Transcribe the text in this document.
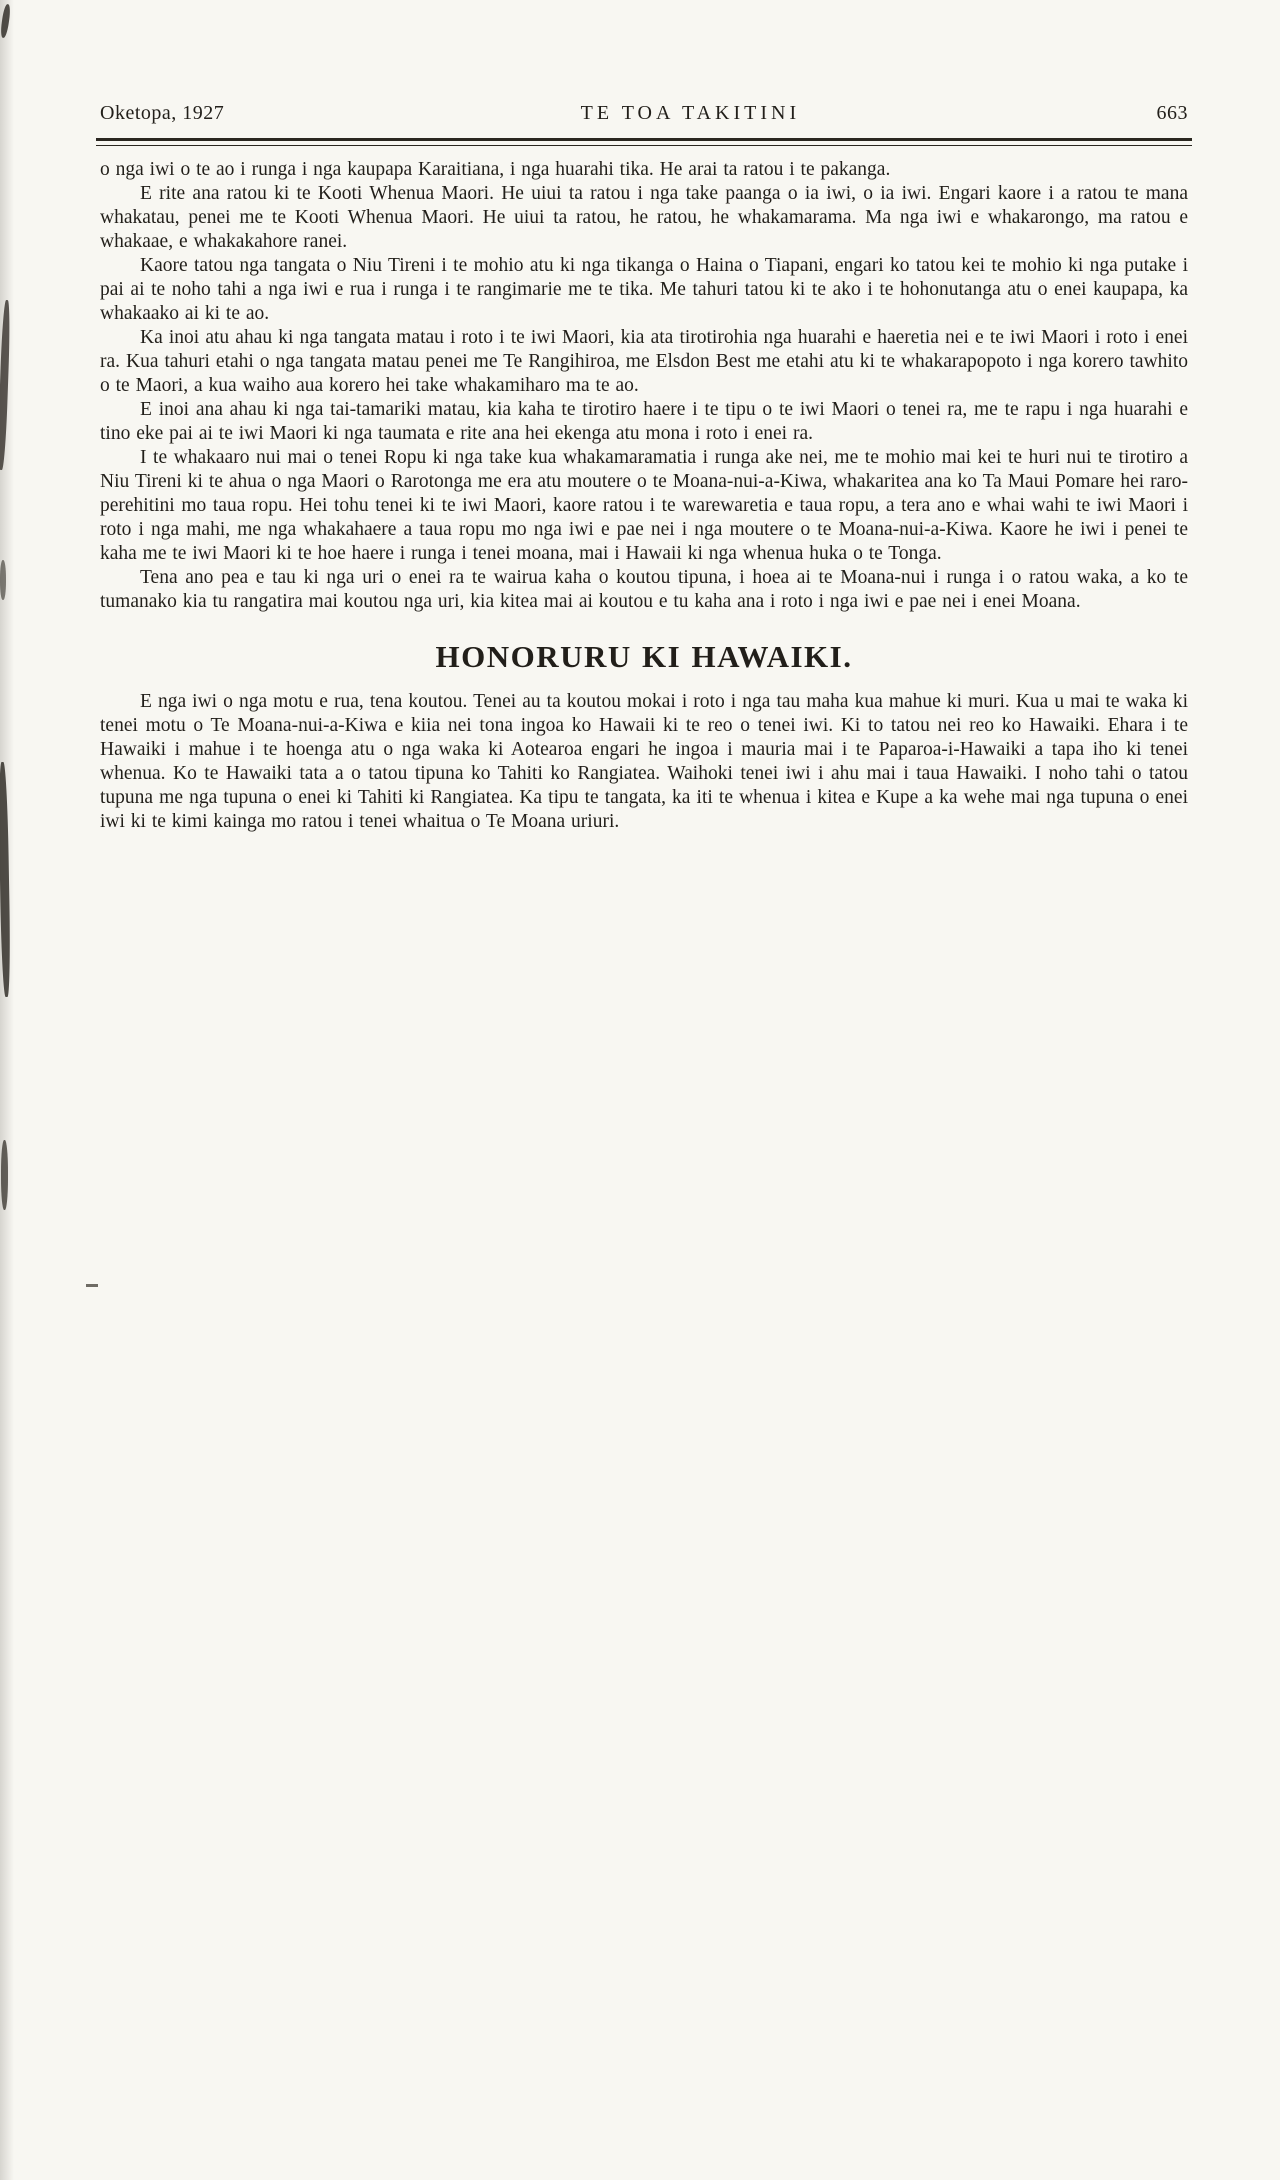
Oketopa, 1927	TE TOA TAKITINI	663

o nga iwi o te ao i runga i nga kaupapa Karaitiana, i nga huarahi tika. He arai ta ratou i te pakanga.

E rite ana ratou ki te Kooti Whenua Maori. He uiui ta ratou i nga take paanga o ia iwi, o ia iwi. Engari kaore i a ratou te mana whakatau, penei me te Kooti Whenua Maori. He uiui ta ratou, he ratou, he whakamarama. Ma nga iwi e whakarongo, ma ratou e whakaae, e whakakahore ranei.

Kaore tatou nga tangata o Niu Tireni i te mohio atu ki nga tikanga o Haina o Tiapani, engari ko tatou kei te mohio ki nga putake i pai ai te noho tahi a nga iwi e rua i runga i te rangimarie me te tika. Me tahuri tatou ki te ako i te hohonutanga atu o enei kaupapa, ka whakaako ai ki te ao.

Ka inoi atu ahau ki nga tangata matau i roto i te iwi Maori, kia ata tirotirohia nga huarahi e haeretia nei e te iwi Maori i roto i enei ra. Kua tahuri etahi o nga tangata matau penei me Te Rangihiroa, me Elsdon Best me etahi atu ki te whakarapopoto i nga korero tawhito o te Maori, a kua waiho aua korero hei take whakamiharo ma te ao.

E inoi ana ahau ki nga tai-tamariki matau, kia kaha te tirotiro haere i te tipu o te iwi Maori o tenei ra, me te rapu i nga huarahi e tino eke pai ai te iwi Maori ki nga taumata e rite ana hei ekenga atu mona i roto i enei ra.

I te whakaaro nui mai o tenei Ropu ki nga take kua whakamaramatia i runga ake nei, me te mohio mai kei te huri nui te tirotiro a Niu Tireni ki te ahua o nga Maori o Rarotonga me era atu moutere o te Moana-nui-a-Kiwa, whakaritea ana ko Ta Maui Pomare hei raro-perehitini mo taua ropu. Hei tohu tenei ki te iwi Maori, kaore ratou i te warewaretia e taua ropu, a tera ano e whai wahi te iwi Maori i roto i nga mahi, me nga whakahaere a taua ropu mo nga iwi e pae nei i nga moutere o te Moana-nui-a-Kiwa. Kaore he iwi i penei te kaha me te iwi Maori ki te hoe haere i runga i tenei moana, mai i Hawaii ki nga whenua huka o te Tonga.

Tena ano pea e tau ki nga uri o enei ra te wairua kaha o koutou tipuna, i hoea ai te Moana-nui i runga i o ratou waka, a ko te tumanako kia tu rangatira mai koutou nga uri, kia kitea mai ai koutou e tu kaha ana i roto i nga iwi e pae nei i enei Moana.

HONORURU KI HAWAIKI.

E nga iwi o nga motu e rua, tena koutou. Tenei au ta koutou mokai i roto i nga tau maha kua mahue ki muri. Kua u mai te waka ki tenei motu o Te Moana-nui-a-Kiwa e kiia nei tona ingoa ko Hawaii ki te reo o tenei iwi. Ki to tatou nei reo ko Hawaiki. Ehara i te Hawaiki i mahue i te hoenga atu o nga waka ki Aotearoa engari he ingoa i mauria mai i te Paparoa-i-Hawaiki a tapa iho ki tenei whenua. Ko te Hawaiki tata a o tatou tipuna ko Tahiti ko Rangiatea. Waihoki tenei iwi i ahu mai i taua Hawaiki. I noho tahi o tatou tupuna me nga tupuna o enei ki Tahiti ki Rangiatea. Ka tipu te tangata, ka iti te whenua i kitea e Kupe a ka wehe mai nga tupuna o enei iwi ki te kimi kainga mo ratou i tenei whaitua o Te Moana uriuri.
